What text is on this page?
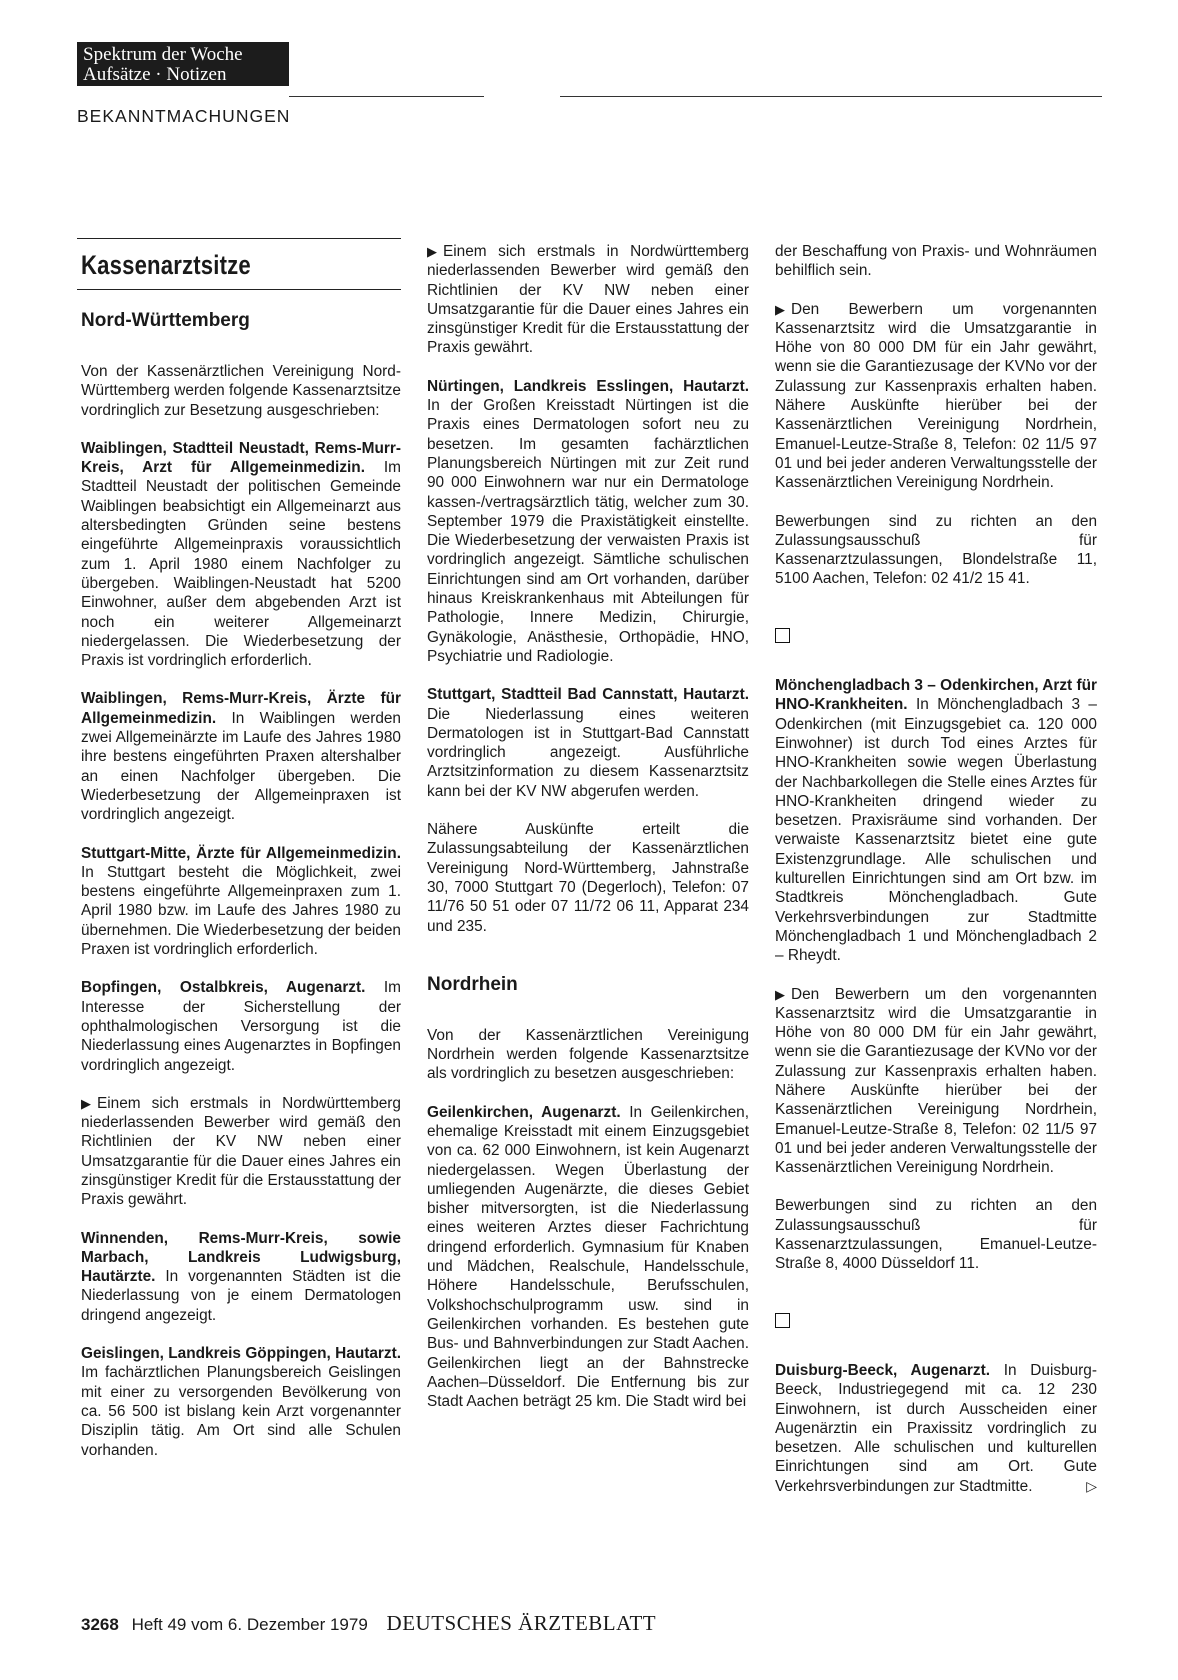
Spektrum der Woche
Aufsätze · Notizen
BEKANNTMACHUNGEN
Kassenarztsitze
Nord-Württemberg

Von der Kassenärztlichen Vereinigung Nord-Württemberg werden folgende Kassenarztsitze vordringlich zur Besetzung ausgeschrieben:

Waiblingen, Stadtteil Neustadt, Rems-Murr-Kreis, Arzt für Allgemeinmedizin. Im Stadtteil Neustadt der politischen Gemeinde Waiblingen beabsichtigt ein Allgemeinarzt aus altersbedingten Gründen seine bestens eingeführte Allgemeinpraxis voraussichtlich zum 1. April 1980 einem Nachfolger zu übergeben. Waiblingen-Neustadt hat 5200 Einwohner, außer dem abgebenden Arzt ist noch ein weiterer Allgemeinarzt niedergelassen. Die Wiederbesetzung der Praxis ist vordringlich erforderlich.

Waiblingen, Rems-Murr-Kreis, Ärzte für Allgemeinmedizin. In Waiblingen werden zwei Allgemeinärzte im Laufe des Jahres 1980 ihre bestens eingeführten Praxen altershalber an einen Nachfolger übergeben. Die Wiederbesetzung der Allgemeinpraxen ist vordringlich angezeigt.

Stuttgart-Mitte, Ärzte für Allgemeinmedizin. In Stuttgart besteht die Möglichkeit, zwei bestens eingeführte Allgemeinpraxen zum 1. April 1980 bzw. im Laufe des Jahres 1980 zu übernehmen. Die Wiederbesetzung der beiden Praxen ist vordringlich erforderlich.

Bopfingen, Ostalbkreis, Augenarzt. Im Interesse der Sicherstellung der ophthalmologischen Versorgung ist die Niederlassung eines Augenarztes in Bopfingen vordringlich angezeigt.

▶ Einem sich erstmals in Nordwürttemberg niederlassenden Bewerber wird gemäß den Richtlinien der KV NW neben einer Umsatzgarantie für die Dauer eines Jahres ein zinsgünstiger Kredit für die Erstausstattung der Praxis gewährt.

Winnenden, Rems-Murr-Kreis, sowie Marbach, Landkreis Ludwigsburg, Hautärzte. In vorgenannten Städten ist die Niederlassung von je einem Dermatologen dringend angezeigt.

Geislingen, Landkreis Göppingen, Hautarzt. Im fachärztlichen Planungsbereich Geislingen mit einer zu versorgenden Bevölkerung von ca. 56 500 ist bislang kein Arzt vorgenannter Disziplin tätig. Am Ort sind alle Schulen vorhanden.

▶ Einem sich erstmals in Nordwürttemberg niederlassenden Bewerber wird gemäß den Richtlinien der KV NW neben einer Umsatzgarantie für die Dauer eines Jahres ein zinsgünstiger Kredit für die Erstausstattung der Praxis gewährt.

Nürtingen, Landkreis Esslingen, Hautarzt. In der Großen Kreisstadt Nürtingen ist die Praxis eines Dermatologen sofort neu zu besetzen. Im gesamten fachärztlichen Planungsbereich Nürtingen mit zur Zeit rund 90 000 Einwohnern war nur ein Dermatologe kassen-/vertragsärztlich tätig, welcher zum 30. September 1979 die Praxistätigkeit einstellte. Die Wiederbesetzung der verwaisten Praxis ist vordringlich angezeigt. Sämtliche schulischen Einrichtungen sind am Ort vorhanden, darüber hinaus Kreiskrankenhaus mit Abteilungen für Pathologie, Innere Medizin, Chirurgie, Gynäkologie, Anästhesie, Orthopädie, HNO, Psychiatrie und Radiologie.

Stuttgart, Stadtteil Bad Cannstatt, Hautarzt. Die Niederlassung eines weiteren Dermatologen ist in Stuttgart-Bad Cannstatt vordringlich angezeigt. Ausführliche Arztsitzinformation zu diesem Kassenarztsitz kann bei der KV NW abgerufen werden.

Nähere Auskünfte erteilt die Zulassungsabteilung der Kassenärztlichen Vereinigung Nord-Württemberg, Jahnstraße 30, 7000 Stuttgart 70 (Degerloch), Telefon: 07 11/76 50 51 oder 07 11/72 06 11, Apparat 234 und 235.

Nordrhein

Von der Kassenärztlichen Vereinigung Nordrhein werden folgende Kassenarztsitze als vordringlich zu besetzen ausgeschrieben:

Geilenkirchen, Augenarzt. In Geilenkirchen, ehemalige Kreisstadt mit einem Einzugsgebiet von ca. 62 000 Einwohnern, ist kein Augenarzt niedergelassen. Wegen Überlastung der umliegenden Augenärzte, die dieses Gebiet bisher mitversorgten, ist die Niederlassung eines weiteren Arztes dieser Fachrichtung dringend erforderlich. Gymnasium für Knaben und Mädchen, Realschule, Handelsschule, Höhere Handelsschule, Berufsschulen, Volkshochschulprogramm usw. sind in Geilenkirchen vorhanden. Es bestehen gute Bus- und Bahnverbindungen zur Stadt Aachen. Geilenkirchen liegt an der Bahnstrecke Aachen–Düsseldorf. Die Entfernung bis zur Stadt Aachen beträgt 25 km. Die Stadt wird bei

der Beschaffung von Praxis- und Wohnräumen behilflich sein.

▶ Den Bewerbern um vorgenannten Kassenarztsitz wird die Umsatzgarantie in Höhe von 80 000 DM für ein Jahr gewährt, wenn sie die Garantiezusage der KVNo vor der Zulassung zur Kassenpraxis erhalten haben. Nähere Auskünfte hierüber bei der Kassenärztlichen Vereinigung Nordrhein, Emanuel-Leutze-Straße 8, Telefon: 02 11/5 97 01 und bei jeder anderen Verwaltungsstelle der Kassenärztlichen Vereinigung Nordrhein.

Bewerbungen sind zu richten an den Zulassungsausschuß für Kassenarztzulassungen, Blondelstraße 11, 5100 Aachen, Telefon: 02 41/2 15 41.

Mönchengladbach 3 – Odenkirchen, Arzt für HNO-Krankheiten. In Mönchengladbach 3 – Odenkirchen (mit Einzugsgebiet ca. 120 000 Einwohner) ist durch Tod eines Arztes für HNO-Krankheiten sowie wegen Überlastung der Nachbarkollegen die Stelle eines Arztes für HNO-Krankheiten dringend wieder zu besetzen. Praxisräume sind vorhanden. Der verwaiste Kassenarztsitz bietet eine gute Existenzgrundlage. Alle schulischen und kulturellen Einrichtungen sind am Ort bzw. im Stadtkreis Mönchengladbach. Gute Verkehrsverbindungen zur Stadtmitte Mönchengladbach 1 und Mönchengladbach 2 – Rheydt.

▶ Den Bewerbern um den vorgenannten Kassenarztsitz wird die Umsatzgarantie in Höhe von 80 000 DM für ein Jahr gewährt, wenn sie die Garantiezusage der KVNo vor der Zulassung zur Kassenpraxis erhalten haben. Nähere Auskünfte hierüber bei der Kassenärztlichen Vereinigung Nordrhein, Emanuel-Leutze-Straße 8, Telefon: 02 11/5 97 01 und bei jeder anderen Verwaltungsstelle der Kassenärztlichen Vereinigung Nordrhein.

Bewerbungen sind zu richten an den Zulassungsausschuß für Kassenarztzulassungen, Emanuel-Leutze-Straße 8, 4000 Düsseldorf 11.

Duisburg-Beeck, Augenarzt. In Duisburg-Beeck, Industriegegend mit ca. 12 230 Einwohnern, ist durch Ausscheiden einer Augenärztin ein Praxissitz vordringlich zu besetzen. Alle schulischen und kulturellen Einrichtungen sind am Ort. Gute Verkehrsverbindungen zur Stadtmitte.	▷

3268 Heft 49 vom 6. Dezember 1979 DEUTSCHES ÄRZTEBLATT
